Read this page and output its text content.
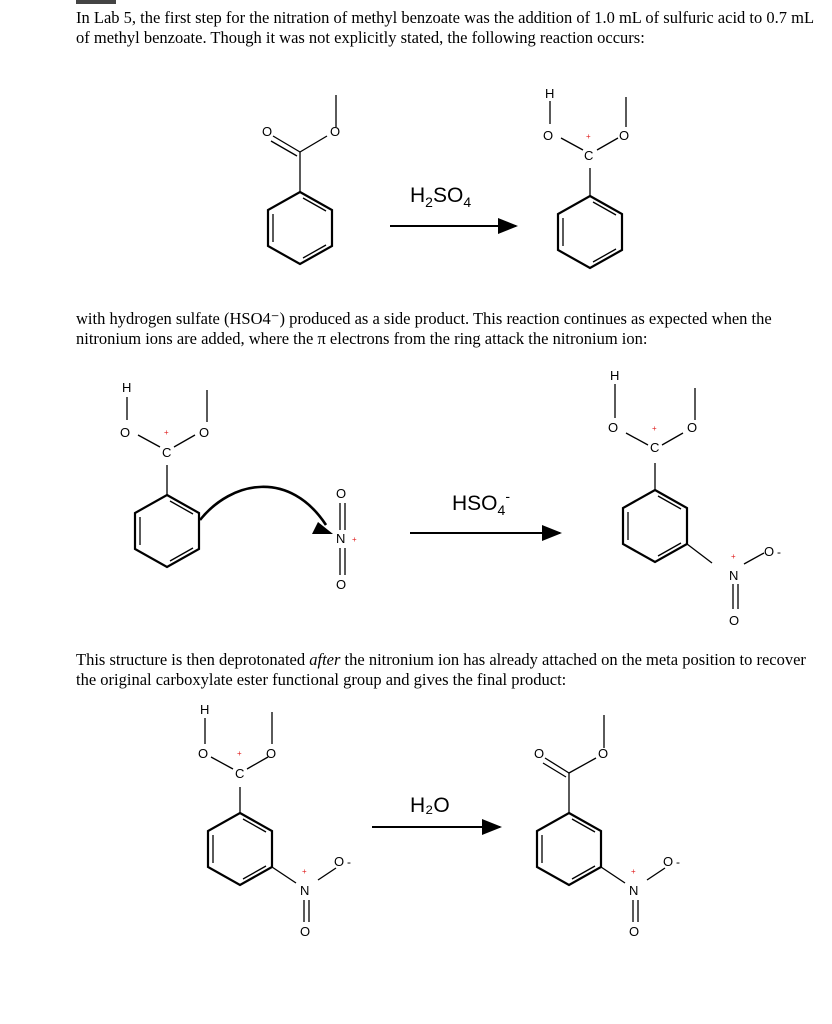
In Lab 5, the first step for the nitration of methyl benzoate was the addition of 1.0 mL of sulfuric acid to 0.7 mL of methyl benzoate. Though it was not explicitly stated, the following reaction occurs:

with hydrogen sulfate (HSO4⁻) produced as a side product. This reaction continues as expected when the nitronium ions are added, where the π electrons from the ring attack the nitronium ion:

This structure is then deprotonated after the nitronium ion has already attached on the meta position to recover the original carboxylate ester functional group and gives the final product:

O	O
$H_2SO_4$
H
O	O
C
+
H
O	O
C
+
O
N +
O
$HSO_4^-$
H
O	O
C
+
N
+ O -
O
H
O	O
C
+
N
+
O -
O
H₂O
O	O
N
+
O -
O
